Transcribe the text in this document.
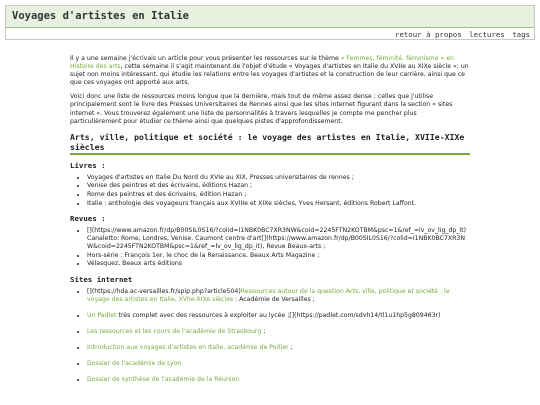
Voyages d'artistes en Italie
retour à propos lectures tags

Il y a une semaine j'écrivais un article pour vous présenter les ressources sur le thème « Femmes, féminité, féminisme » en Histoire des arts, cette semaine il s'agit maintenant de l'objet d'étude « Voyages d'artistes en Italie du XVIIe au XIXe siècle »; un sujet non moins intéressant, qui étudie les relations entre les voyages d'artistes et la construction de leur carrière, ainsi que ce que ces voyages ont apporté aux arts.

Voici donc une liste de ressources moins longue que la dernière, mais tout de même assez dense ; celles que j'utilise principalement sont le livre des Presses Universitaires de Rennes ainsi que les sites internet figurant dans la section « sites internet ». Vous trouverez également une liste de personnalités à travers lesquelles je compte me pencher plus particulièrement pour étudier ce thème ainsi que quelques pistes d'approfondissement.

Arts, ville, politique et société : le voyage des artistes en Italie, XVIIe-XIXe siècles
Livres :
• Voyages d'artistes en Italie Du Nord du XVIe au XIX, Presses universitaires de rennes ;
• Venise des peintres et des écrivains, éditions Hazan ;
• Rome des peintres et des écrivains, édition Hazan ;
• Italie : anthologie des voyageurs français aux XVIIIe et XIXe siècles, Yves Hersant, éditions Robert Laffont.
Revues :
• [](https://www.amazon.fr/dp/B00SIL0S16/?colid=I1NBK0BC7XR3NW&coid=2245FTN2KOTBM&psc=1&ref_=lv_ov_lig_dp_it)Canaletto: Rome, Londres, Venise. Caumont centre d'art[](https://www.amazon.fr/dp/B00SIL0S16/?colid=I1NBK0BC7XR3NW&coid=2245FTN2KOTBM&psc=1&ref_=lv_ov_lig_dp_it), Revue Beaux-arts ;
• Hors-série : François 1er, le choc de la Renaissance, Beaux Arts Magazine ;
• Vélasquez, Beaux arts éditions
Sites internet
• [](https://hda.ac-versailles.fr/spip.php?article504)Ressources autour de la question Arts, ville, politique et société : le voyage des artistes en Italie, XVIIe-XIXe siècles : Académie de Versailles ;
• Un Padlet très complet avec des ressources à exploiter au lycée ;[](https://padlet.com/sdvh14/tl1u1hp5g809463r)
• Les ressources et les cours de l'académie de Strasbourg ;
• Introduction aux voyages d'artistes en Italie, académie de Poitier ;
• Dossier de l'académie de Lyon
• Dossier de synthèse de l'académie de la Réunion
